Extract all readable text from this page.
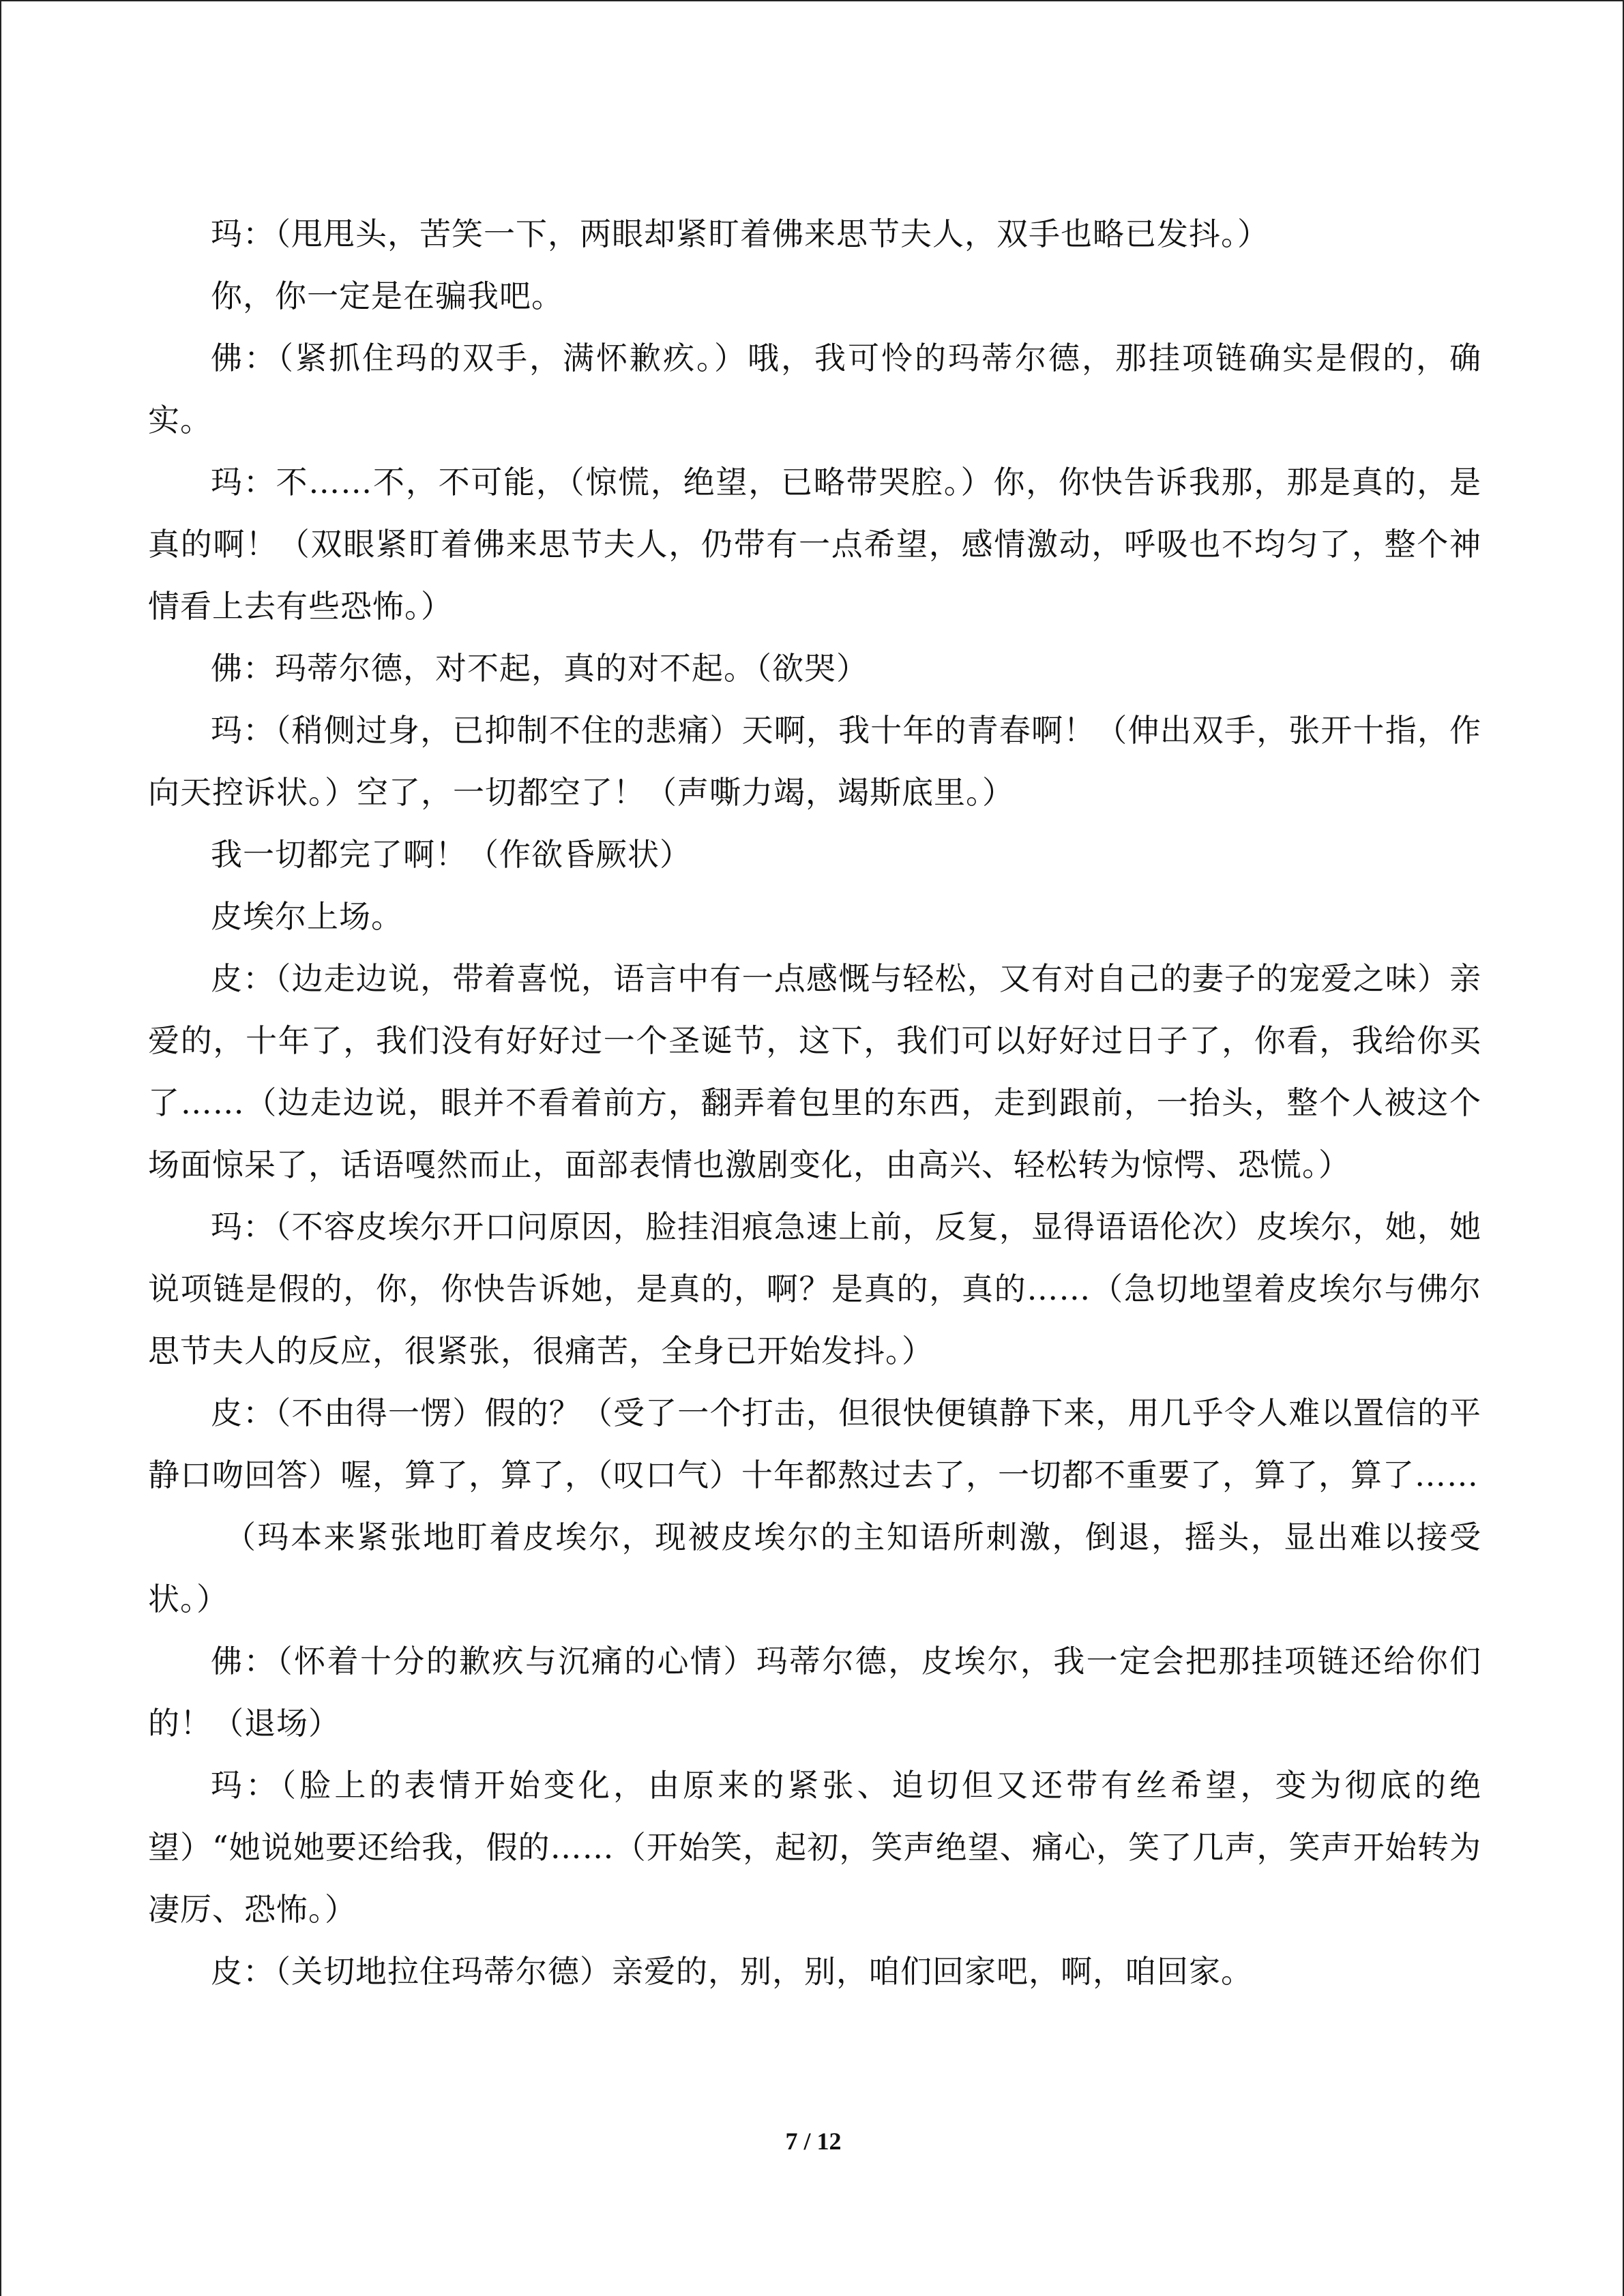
玛：（甩甩头，苦笑一下，两眼却紧盯着佛来思节夫人，双手也略已发抖。）

你，你一定是在骗我吧。

佛：（紧抓住玛的双手，满怀歉疚。）哦，我可怜的玛蒂尔德，那挂项链确实是假的，确实。

玛：不……不，不可能，（惊慌，绝望，已略带哭腔。）你，你快告诉我那，那是真的，是真的啊！（双眼紧盯着佛来思节夫人，仍带有一点希望，感情激动，呼吸也不均匀了，整个神情看上去有些恐怖。）

佛：玛蒂尔德，对不起，真的对不起。（欲哭）

玛：（稍侧过身，已抑制不住的悲痛）天啊，我十年的青春啊！（伸出双手，张开十指，作向天控诉状。）空了，一切都空了！（声嘶力竭，竭斯底里。）

我一切都完了啊！（作欲昏厥状）

皮埃尔上场。

皮：（边走边说，带着喜悦，语言中有一点感慨与轻松，又有对自己的妻子的宠爱之味）亲爱的，十年了，我们没有好好过一个圣诞节，这下，我们可以好好过日子了，你看，我给你买了……（边走边说，眼并不看着前方，翻弄着包里的东西，走到跟前，一抬头，整个人被这个场面惊呆了，话语嘎然而止，面部表情也激剧变化，由高兴、轻松转为惊愕、恐慌。）

玛：（不容皮埃尔开口问原因，脸挂泪痕急速上前，反复，显得语语伦次）皮埃尔，她，她说项链是假的，你，你快告诉她，是真的，啊？是真的，真的……（急切地望着皮埃尔与佛尔思节夫人的反应，很紧张，很痛苦，全身已开始发抖。）

皮：（不由得一愣）假的？（受了一个打击，但很快便镇静下来，用几乎令人难以置信的平静口吻回答）喔，算了，算了，（叹口气）十年都熬过去了，一切都不重要了，算了，算了……

（玛本来紧张地盯着皮埃尔，现被皮埃尔的主知语所刺激，倒退，摇头，显出难以接受状。）

佛：（怀着十分的歉疚与沉痛的心情）玛蒂尔德，皮埃尔，我一定会把那挂项链还给你们的！（退场）

玛：（脸上的表情开始变化，由原来的紧张、迫切但又还带有丝希望，变为彻底的绝望）“她说她要还给我，假的……（开始笑，起初，笑声绝望、痛心，笑了几声，笑声开始转为凄厉、恐怖。）

皮：（关切地拉住玛蒂尔德）亲爱的，别，别，咱们回家吧，啊，咱回家。

7 / 12
